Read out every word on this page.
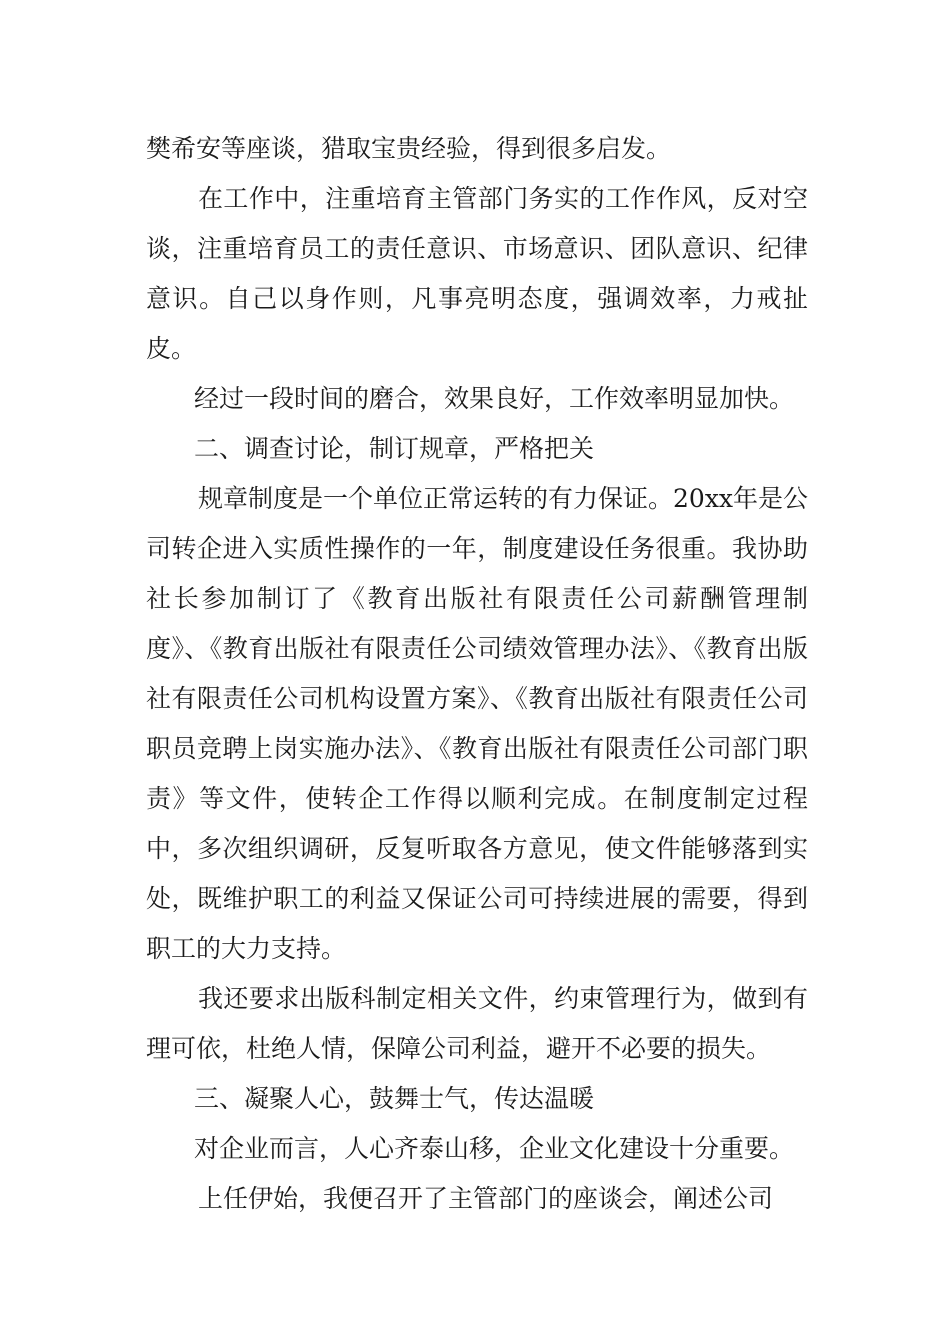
樊希安等座谈，猎取宝贵经验，得到很多启发。

在工作中，注重培育主管部门务实的工作作风，反对空谈，注重培育员工的责任意识、市场意识、团队意识、纪律意识。自己以身作则，凡事亮明态度，强调效率，力戒扯皮。

经过一段时间的磨合，效果良好，工作效率明显加快。

二、调查讨论，制订规章，严格把关

规章制度是一个单位正常运转的有力保证。20xx年是公司转企进入实质性操作的一年，制度建设任务很重。我协助社长参加制订了《教育出版社有限责任公司薪酬管理制度》、《教育出版社有限责任公司绩效管理办法》、《教育出版社有限责任公司机构设置方案》、《教育出版社有限责任公司职员竞聘上岗实施办法》、《教育出版社有限责任公司部门职责》等文件，使转企工作得以顺利完成。在制度制定过程中，多次组织调研，反复听取各方意见，使文件能够落到实处，既维护职工的利益又保证公司可持续进展的需要，得到职工的大力支持。

我还要求出版科制定相关文件，约束管理行为，做到有理可依，杜绝人情，保障公司利益，避开不必要的损失。

三、凝聚人心，鼓舞士气，传达温暖

对企业而言，人心齐泰山移，企业文化建设十分重要。

上任伊始，我便召开了主管部门的座谈会，阐述公司
